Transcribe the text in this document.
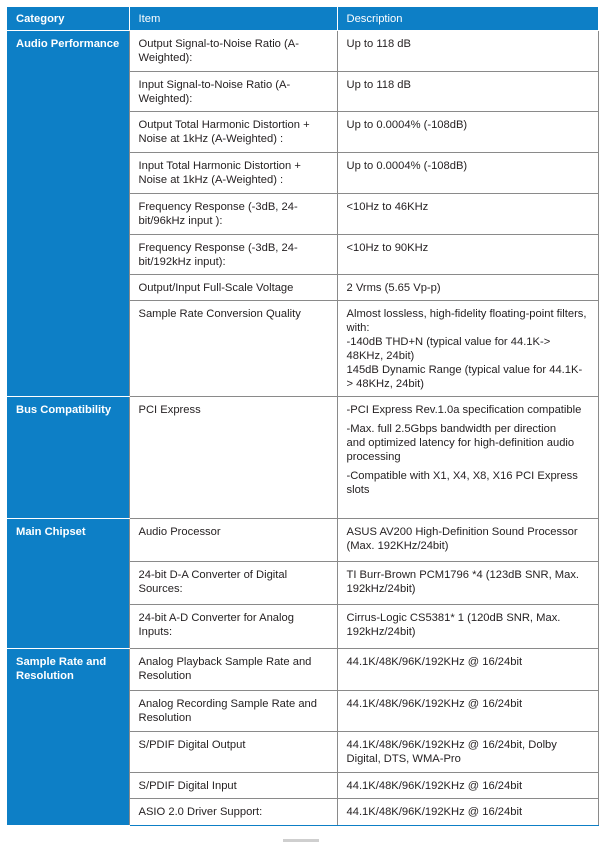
Category	Item	Description
Audio Performance	Output Signal-to-Noise Ratio (A-Weighted):	Up to 118 dB

	Input Signal-to-Noise Ratio (A-Weighted):	Up to 118 dB

	Output Total Harmonic Distortion + Noise at 1kHz (A-Weighted) :	Up to 0.0004% (-108dB)

	Input Total Harmonic Distortion + Noise at 1kHz (A-Weighted) :	Up to 0.0004% (-108dB)

	Frequency Response (-3dB, 24-bit/96kHz input ):	<10Hz to 46KHz

	Frequency Response (-3dB, 24-bit/192kHz input):	<10Hz to 90KHz

	Output/Input Full-Scale Voltage	2 Vrms (5.65 Vp-p)

	Sample Rate Conversion Quality	Almost lossless, high-fidelity floating-point filters, with:
-140dB THD+N (typical value for 44.1K-> 48KHz, 24bit)
145dB Dynamic Range (typical value for 44.1K-> 48KHz, 24bit)

Bus Compatibility	PCI Express	-PCI Express Rev.1.0a specification compatible
-Max. full 2.5Gbps bandwidth per direction
and optimized latency for high-definition audio processing
-Compatible with X1, X4, X8, X16 PCI Express slots

Main Chipset	Audio Processor	ASUS AV200 High-Definition Sound Processor (Max. 192KHz/24bit)

	24-bit D-A Converter of Digital Sources:	TI Burr-Brown PCM1796 *4 (123dB SNR, Max. 192kHz/24bit)

	24-bit A-D Converter for Analog Inputs:	Cirrus-Logic CS5381* 1 (120dB SNR, Max. 192kHz/24bit)

Sample Rate and Resolution	Analog Playback Sample Rate and Resolution	44.1K/48K/96K/192KHz @ 16/24bit

	Analog Recording Sample Rate and Resolution	44.1K/48K/96K/192KHz @ 16/24bit

	S/PDIF Digital Output	44.1K/48K/96K/192KHz @ 16/24bit, Dolby Digital, DTS, WMA-Pro

	S/PDIF Digital Input	44.1K/48K/96K/192KHz @ 16/24bit

	ASIO 2.0 Driver Support:	44.1K/48K/96K/192KHz @ 16/24bit
